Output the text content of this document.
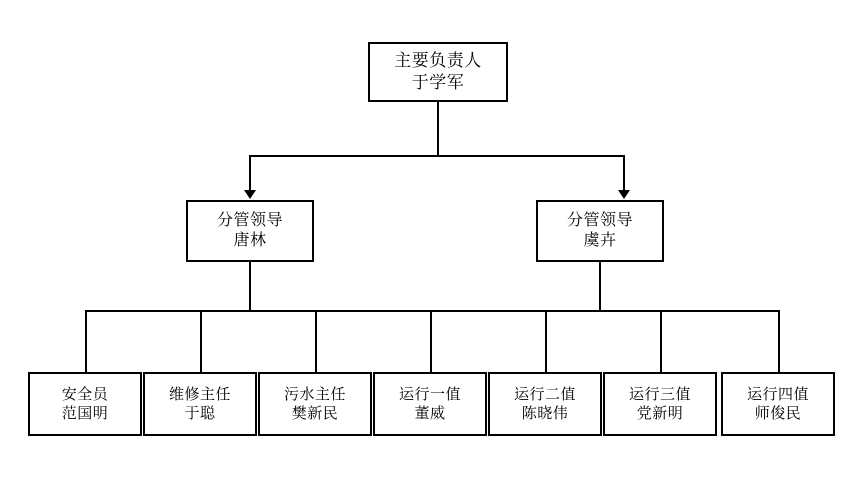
主要负责人
于学军
分管领导
唐林
分管领导
虞卉
安全员
范国明
维修主任
于聪
污水主任
樊新民
运行一值
董威
运行二值
陈晓伟
运行三值
党新明
运行四值
师俊民
